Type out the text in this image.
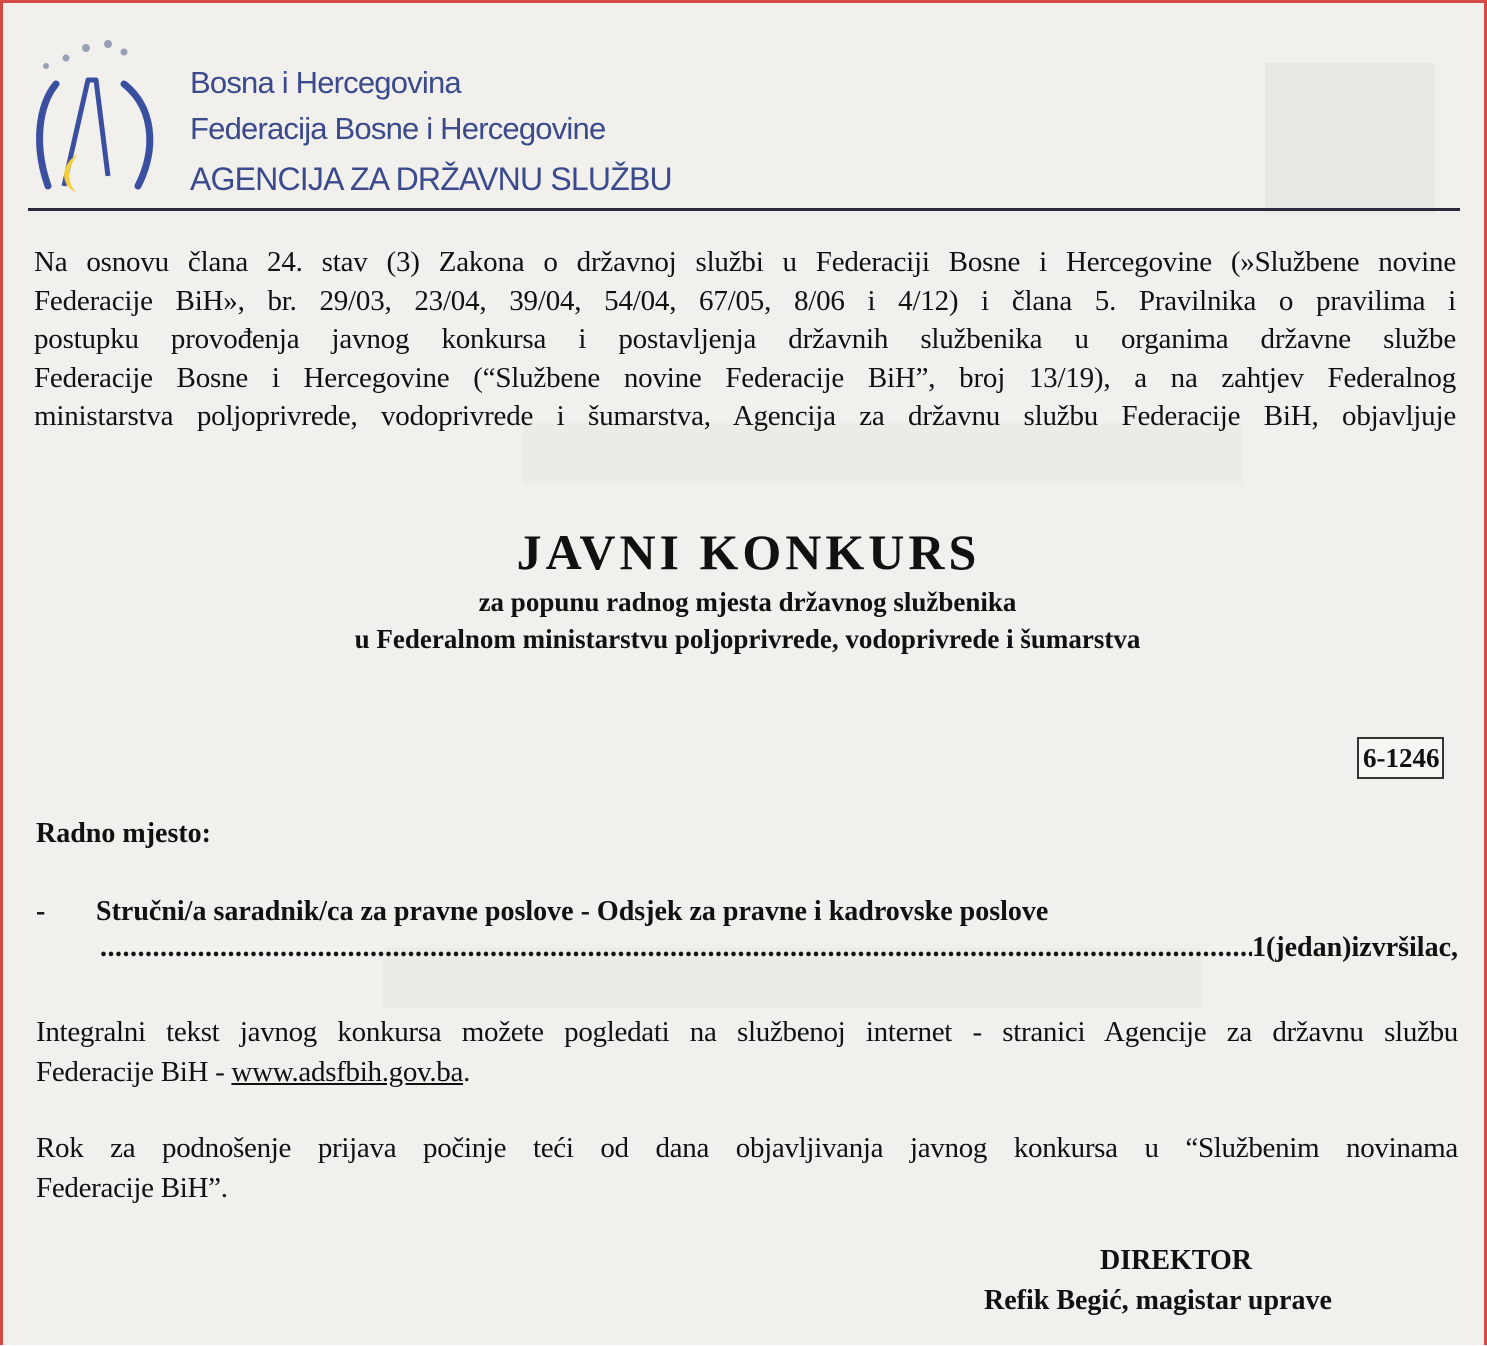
Bosna i Hercegovina
Federacija Bosne i Hercegovine
AGENCIJA ZA DRŽAVNU SLUŽBU
Na osnovu člana 24. stav (3) Zakona o državnoj službi u Federaciji Bosne i Hercegovine (»Službene novine
Federacije BiH», br. 29/03, 23/04, 39/04, 54/04, 67/05, 8/06 i 4/12) i člana 5. Pravilnika o pravilima i
postupku provođenja javnog konkursa i postavljenja državnih službenika u organima državne službe
Federacije Bosne i Hercegovine (“Službene novine Federacije BiH”, broj 13/19), a na zahtjev Federalnog
ministarstva poljoprivrede, vodoprivrede i šumarstva, Agencija za državnu službu Federacije BiH, objavljuje
JAVNI KONKURS
za popunu radnog mjesta državnog službenika
u Federalnom ministarstvu poljoprivrede, vodoprivrede i šumarstva
6-1246
Radno mjesto:
- Stručni/a saradnik/ca za pravne poslove - Odsjek za pravne i kadrovske poslove
.....
1(jedan)izvršilac,
Integralni tekst javnog konkursa možete pogledati na službenoj internet - stranici Agencije za državnu službu
Federacije BiH - www.adsfbih.gov.ba.
Rok za podnošenje prijava počinje teći od dana objavljivanja javnog konkursa u “Službenim novinama
Federacije BiH”.
DIREKTOR
Refik Begić, magistar uprave
